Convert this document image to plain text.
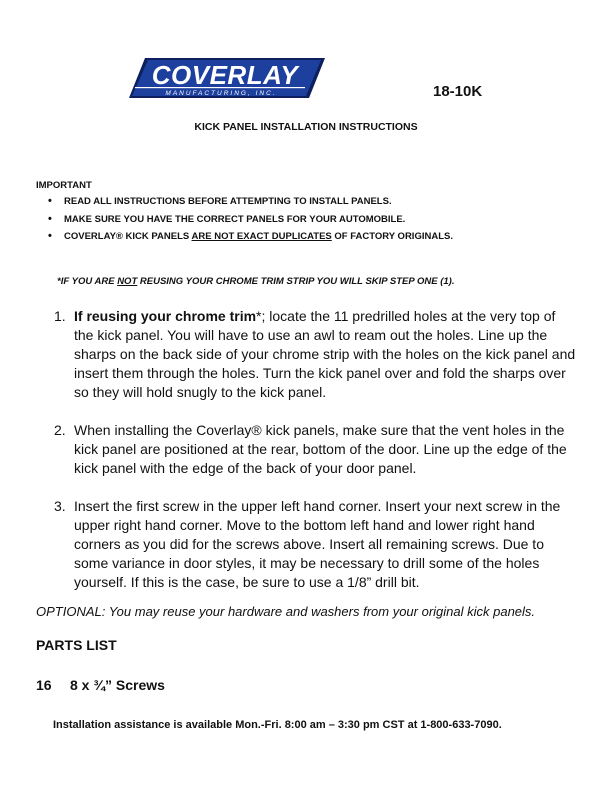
COVERLAY
MANUFACTURING, INC.	18-10K
KICK PANEL INSTALLATION INSTRUCTIONS
IMPORTANT
• READ ALL INSTRUCTIONS BEFORE ATTEMPTING TO INSTALL PANELS.
• MAKE SURE YOU HAVE THE CORRECT PANELS FOR YOUR AUTOMOBILE.
• COVERLAY® KICK PANELS ARE NOT EXACT DUPLICATES OF FACTORY ORIGINALS.
*IF YOU ARE NOT REUSING YOUR CHROME TRIM STRIP YOU WILL SKIP STEP ONE (1).
1. If reusing your chrome trim*; locate the 11 predrilled holes at the very top of the kick panel. You will have to use an awl to ream out the holes. Line up the sharps on the back side of your chrome strip with the holes on the kick panel and insert them through the holes. Turn the kick panel over and fold the sharps over so they will hold snugly to the kick panel.
2. When installing the Coverlay® kick panels, make sure that the vent holes in the kick panel are positioned at the rear, bottom of the door. Line up the edge of the kick panel with the edge of the back of your door panel.
3. Insert the first screw in the upper left hand corner. Insert your next screw in the upper right hand corner. Move to the bottom left hand and lower right hand corners as you did for the screws above. Insert all remaining screws. Due to some variance in door styles, it may be necessary to drill some of the holes yourself. If this is the case, be sure to use a 1/8” drill bit.
OPTIONAL: You may reuse your hardware and washers from your original kick panels.
PARTS LIST
16 8 x ¾” Screws
Installation assistance is available Mon.-Fri. 8:00 am – 3:30 pm CST at 1-800-633-7090.
